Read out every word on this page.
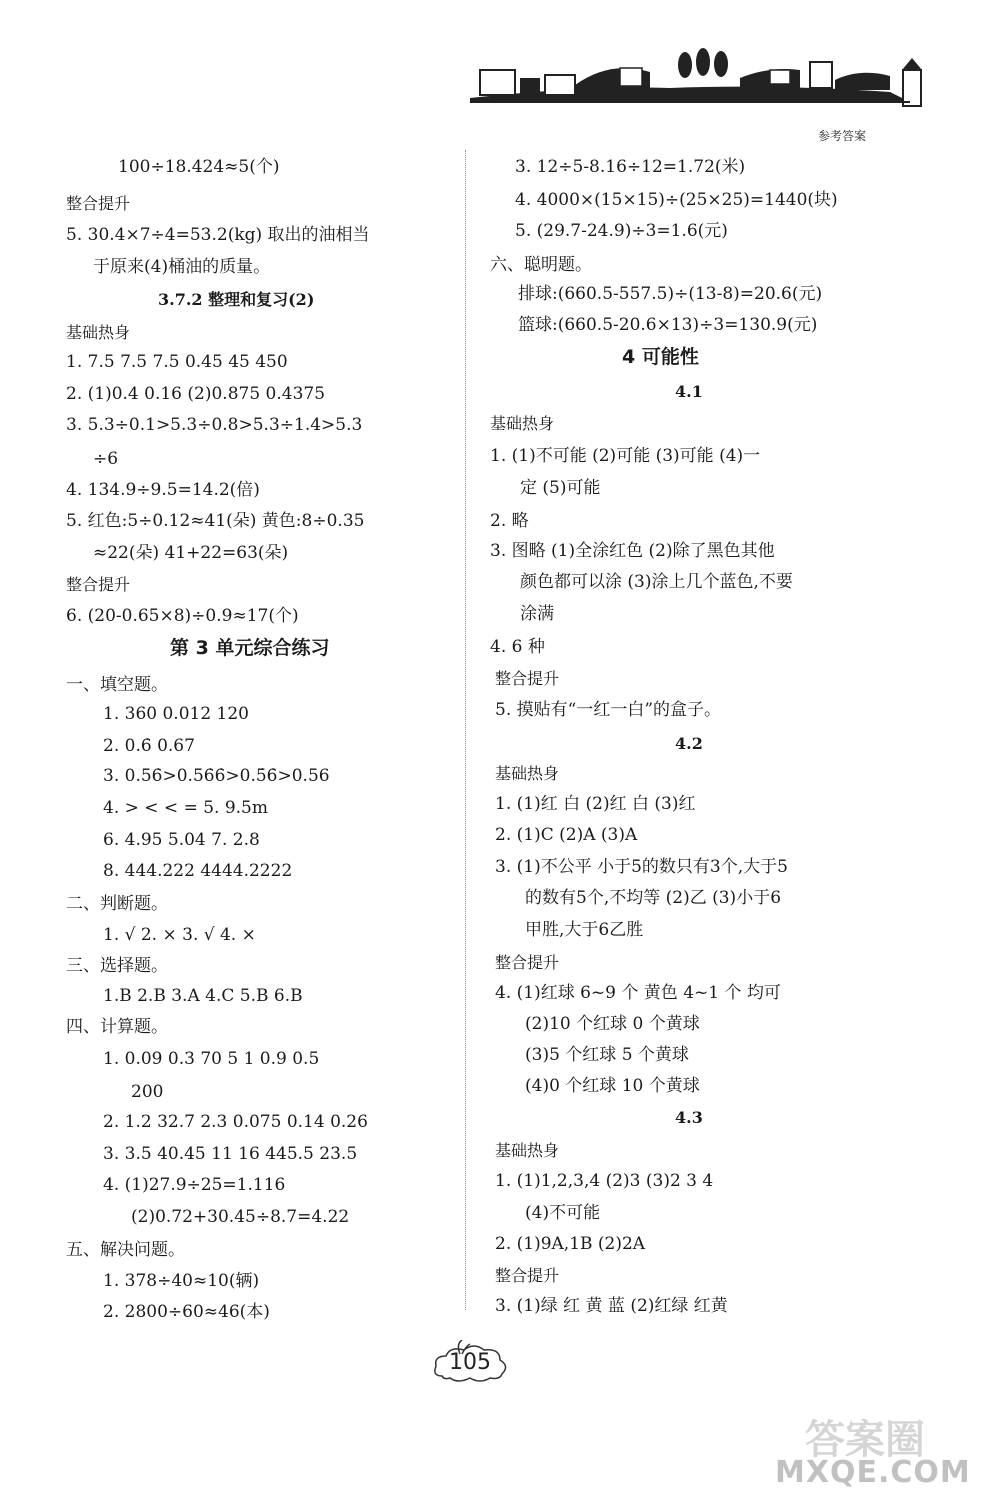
参考答案
100÷18.424≈5(个)
整合提升
5. 30.4×7÷4=53.2(kg) 取出的油相当
于原来(4)桶油的质量。
3.7.2 整理和复习(2)
基础热身
1. 7.5 7.5 7.5 0.45 45 450
2. (1)0.4 0.16 (2)0.875 0.4375
3. 5.3÷0.1>5.3÷0.8>5.3÷1.4>5.3
÷6
4. 134.9÷9.5=14.2(倍)
5. 红色:5÷0.12≈41(朵) 黄色:8÷0.35
≈22(朵) 41+22=63(朵)
整合提升
6. (20-0.65×8)÷0.9≈17(个)
第 3 单元综合练习
一、填空题。
1. 360 0.012 120
2. 0.6̇ 0.67
3. 0.56̇>0.56̇6̇>0.5̇6̇>0.56
4. > < < = 5. 9.5m
6. 4.95 5.04 7. 2.8
8. 444.222 4444.2222
二、判断题。
1. √ 2. × 3. √ 4. ×
三、选择题。
1.B 2.B 3.A 4.C 5.B 6.B
四、计算题。
1. 0.09 0.3 70 5 1 0.9 0.5
200
2. 1.2 32.7 2.3 0.075 0.14 0.26
3. 3.5 40.45 11 16 445.5 23.5
4. (1)27.9÷25=1.116
(2)0.72+30.45÷8.7=4.22
五、解决问题。
1. 378÷40≈10(辆)
2. 2800÷60≈46(本)
3. 12÷5-8.16÷12=1.72(米)
4. 4000×(15×15)÷(25×25)=1440(块)
5. (29.7-24.9)÷3=1.6(元)
六、聪明题。
排球:(660.5-557.5)÷(13-8)=20.6(元)
篮球:(660.5-20.6×13)÷3=130.9(元)
4 可能性
4.1
基础热身
1. (1)不可能 (2)可能 (3)可能 (4)一
定 (5)可能
2. 略
3. 图略 (1)全涂红色 (2)除了黑色其他
颜色都可以涂 (3)涂上几个蓝色,不要
涂满
4. 6 种
整合提升
5. 摸贴有“一红一白”的盒子。
4.2
基础热身
1. (1)红 白 (2)红 白 (3)红
2. (1)C (2)A (3)A
3. (1)不公平 小于5的数只有3个,大于5
的数有5个,不均等 (2)乙 (3)小于6
甲胜,大于6乙胜
整合提升
4. (1)红球 6~9 个 黄色 4~1 个 均可
(2)10 个红球 0 个黄球
(3)5 个红球 5 个黄球
(4)0 个红球 10 个黄球
4.3
基础热身
1. (1)1,2,3,4 (2)3 (3)2 3 4
(4)不可能
2. (1)9A,1B (2)2A
整合提升
3. (1)绿 红 黄 蓝 (2)红绿 红黄
105
答案圈
MXQE.COM
